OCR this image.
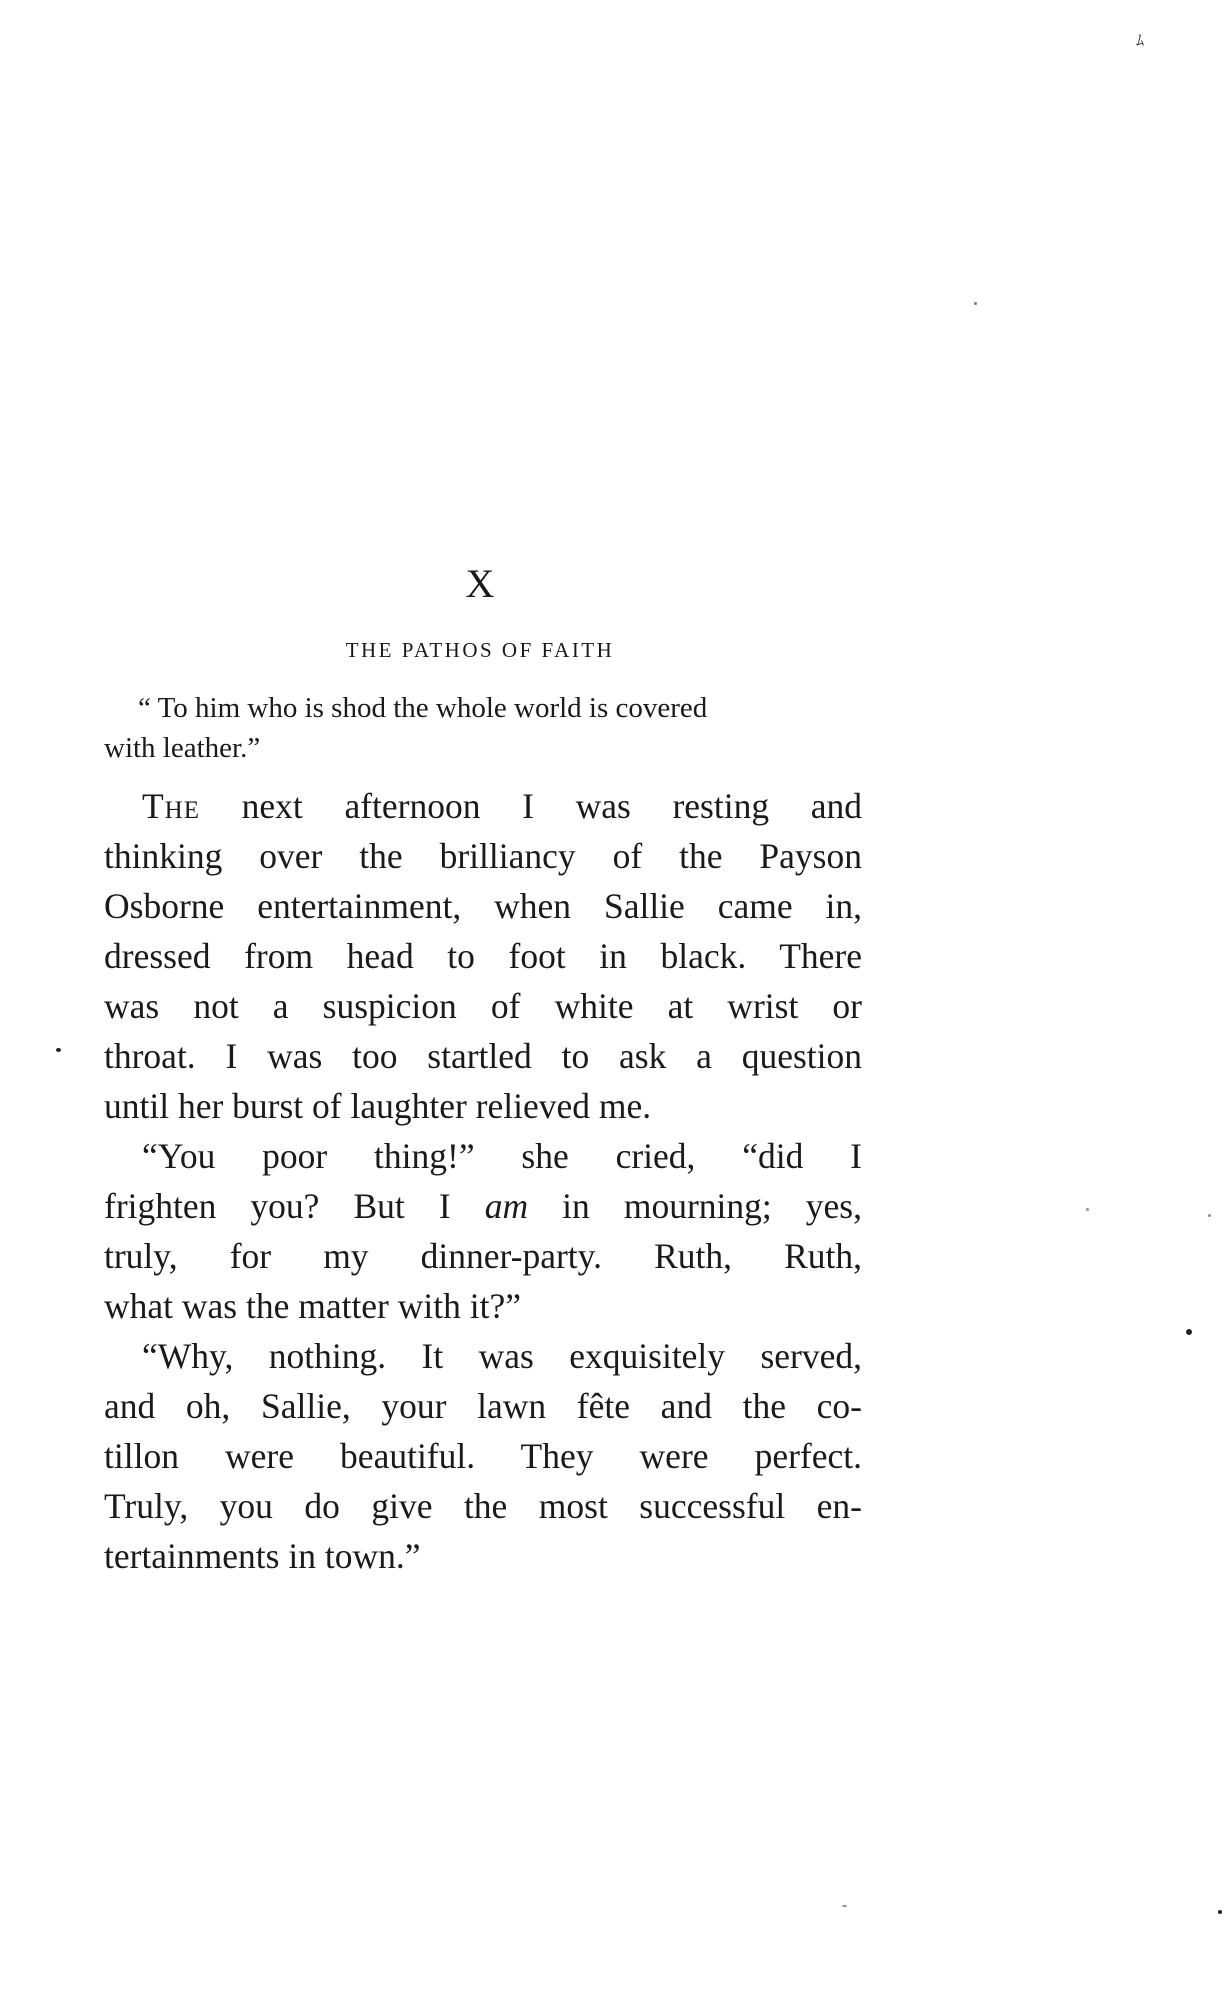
ﾑ
X
THE PATHOS OF FAITH
“ To him who is shod the whole world is covered
with leather.”
The next afternoon I was resting and
thinking over the brilliancy of the Payson
Osborne entertainment, when Sallie came in,
dressed from head to foot in black. There
was not a suspicion of white at wrist or
throat. I was too startled to ask a question
until her burst of laughter relieved me.
“You poor thing!” she cried, “did I
frighten you? But I am in mourning; yes,
truly, for my dinner-party. Ruth, Ruth,
what was the matter with it?”
“Why, nothing. It was exquisitely served,
and oh, Sallie, your lawn fête and the co-
tillon were beautiful. They were perfect.
Truly, you do give the most successful en-
tertainments in town.”
